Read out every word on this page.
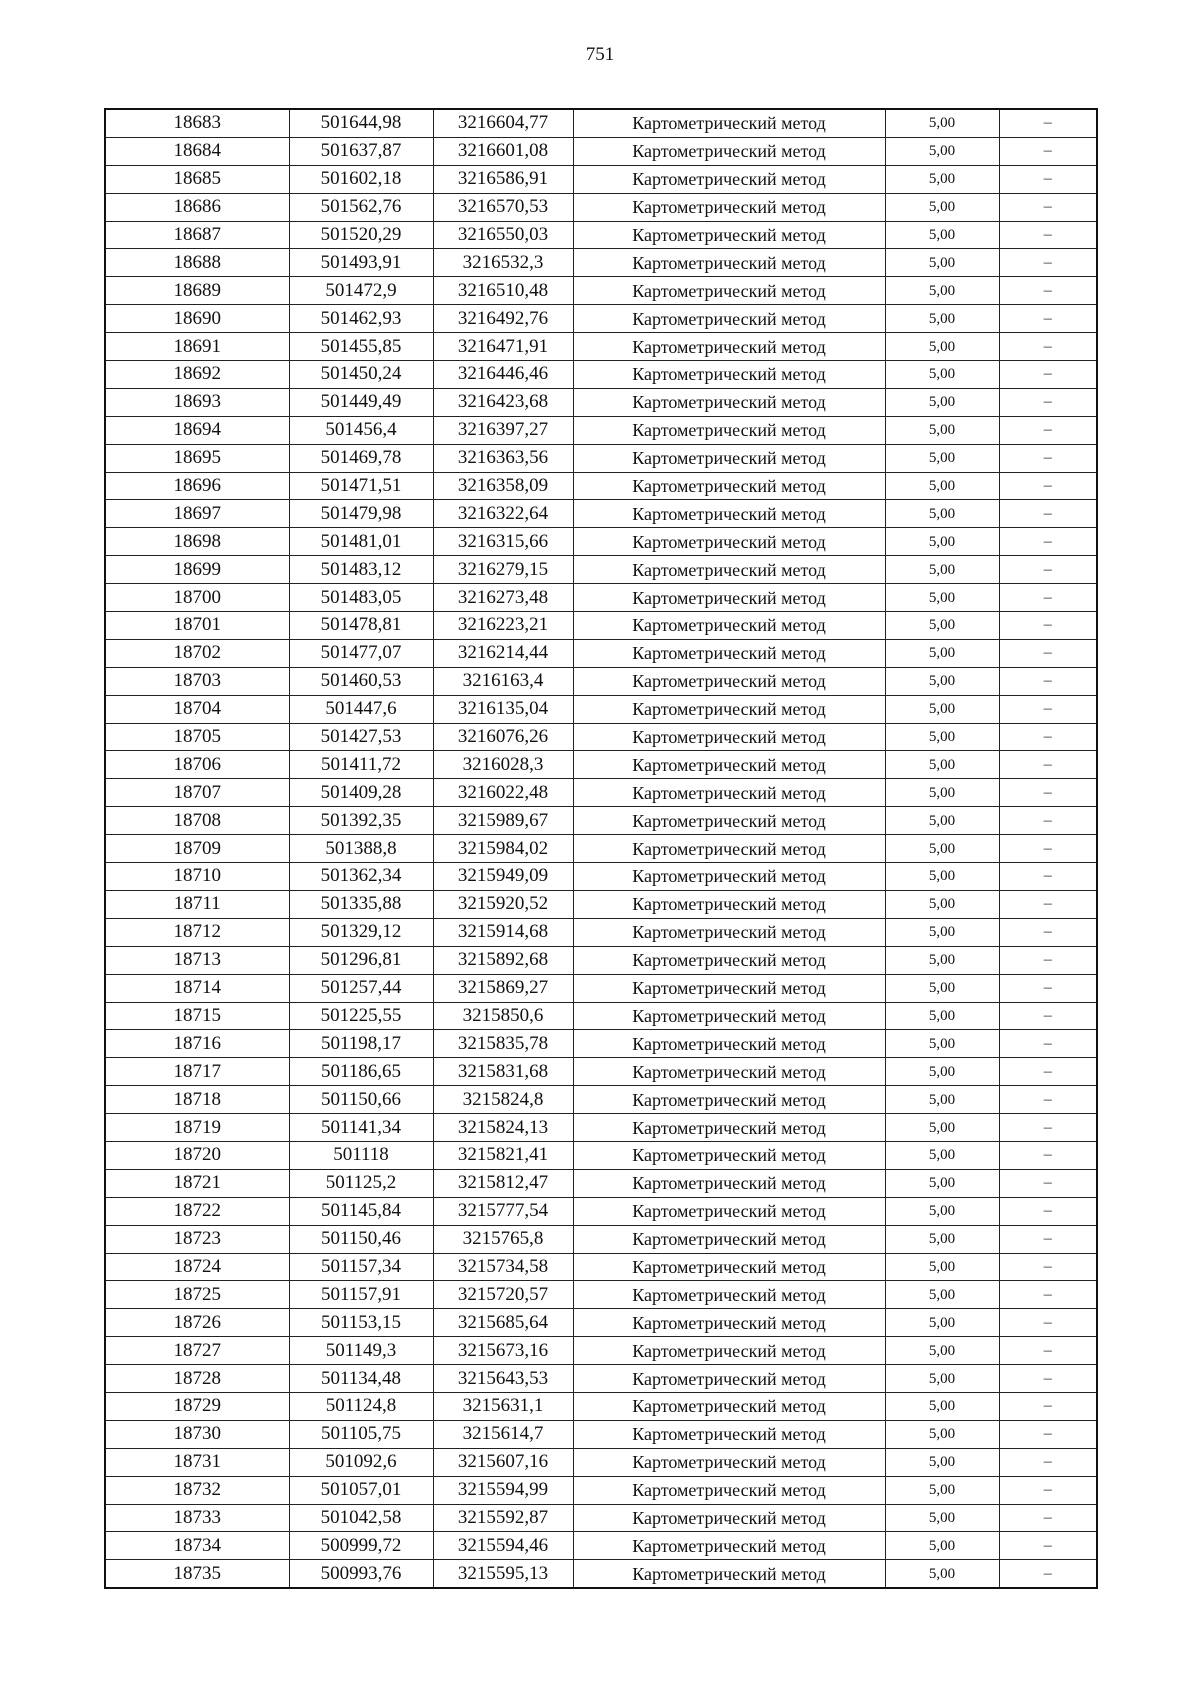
751
18683	501644,98	3216604,77	Картометрический метод	5,00	–
18684	501637,87	3216601,08	Картометрический метод	5,00	–
18685	501602,18	3216586,91	Картометрический метод	5,00	–
18686	501562,76	3216570,53	Картометрический метод	5,00	–
18687	501520,29	3216550,03	Картометрический метод	5,00	–
18688	501493,91	3216532,3	Картометрический метод	5,00	–
18689	501472,9	3216510,48	Картометрический метод	5,00	–
18690	501462,93	3216492,76	Картометрический метод	5,00	–
18691	501455,85	3216471,91	Картометрический метод	5,00	–
18692	501450,24	3216446,46	Картометрический метод	5,00	–
18693	501449,49	3216423,68	Картометрический метод	5,00	–
18694	501456,4	3216397,27	Картометрический метод	5,00	–
18695	501469,78	3216363,56	Картометрический метод	5,00	–
18696	501471,51	3216358,09	Картометрический метод	5,00	–
18697	501479,98	3216322,64	Картометрический метод	5,00	–
18698	501481,01	3216315,66	Картометрический метод	5,00	–
18699	501483,12	3216279,15	Картометрический метод	5,00	–
18700	501483,05	3216273,48	Картометрический метод	5,00	–
18701	501478,81	3216223,21	Картометрический метод	5,00	–
18702	501477,07	3216214,44	Картометрический метод	5,00	–
18703	501460,53	3216163,4	Картометрический метод	5,00	–
18704	501447,6	3216135,04	Картометрический метод	5,00	–
18705	501427,53	3216076,26	Картометрический метод	5,00	–
18706	501411,72	3216028,3	Картометрический метод	5,00	–
18707	501409,28	3216022,48	Картометрический метод	5,00	–
18708	501392,35	3215989,67	Картометрический метод	5,00	–
18709	501388,8	3215984,02	Картометрический метод	5,00	–
18710	501362,34	3215949,09	Картометрический метод	5,00	–
18711	501335,88	3215920,52	Картометрический метод	5,00	–
18712	501329,12	3215914,68	Картометрический метод	5,00	–
18713	501296,81	3215892,68	Картометрический метод	5,00	–
18714	501257,44	3215869,27	Картометрический метод	5,00	–
18715	501225,55	3215850,6	Картометрический метод	5,00	–
18716	501198,17	3215835,78	Картометрический метод	5,00	–
18717	501186,65	3215831,68	Картометрический метод	5,00	–
18718	501150,66	3215824,8	Картометрический метод	5,00	–
18719	501141,34	3215824,13	Картометрический метод	5,00	–
18720	501118	3215821,41	Картометрический метод	5,00	–
18721	501125,2	3215812,47	Картометрический метод	5,00	–
18722	501145,84	3215777,54	Картометрический метод	5,00	–
18723	501150,46	3215765,8	Картометрический метод	5,00	–
18724	501157,34	3215734,58	Картометрический метод	5,00	–
18725	501157,91	3215720,57	Картометрический метод	5,00	–
18726	501153,15	3215685,64	Картометрический метод	5,00	–
18727	501149,3	3215673,16	Картометрический метод	5,00	–
18728	501134,48	3215643,53	Картометрический метод	5,00	–
18729	501124,8	3215631,1	Картометрический метод	5,00	–
18730	501105,75	3215614,7	Картометрический метод	5,00	–
18731	501092,6	3215607,16	Картометрический метод	5,00	–
18732	501057,01	3215594,99	Картометрический метод	5,00	–
18733	501042,58	3215592,87	Картометрический метод	5,00	–
18734	500999,72	3215594,46	Картометрический метод	5,00	–
18735	500993,76	3215595,13	Картометрический метод	5,00	–
